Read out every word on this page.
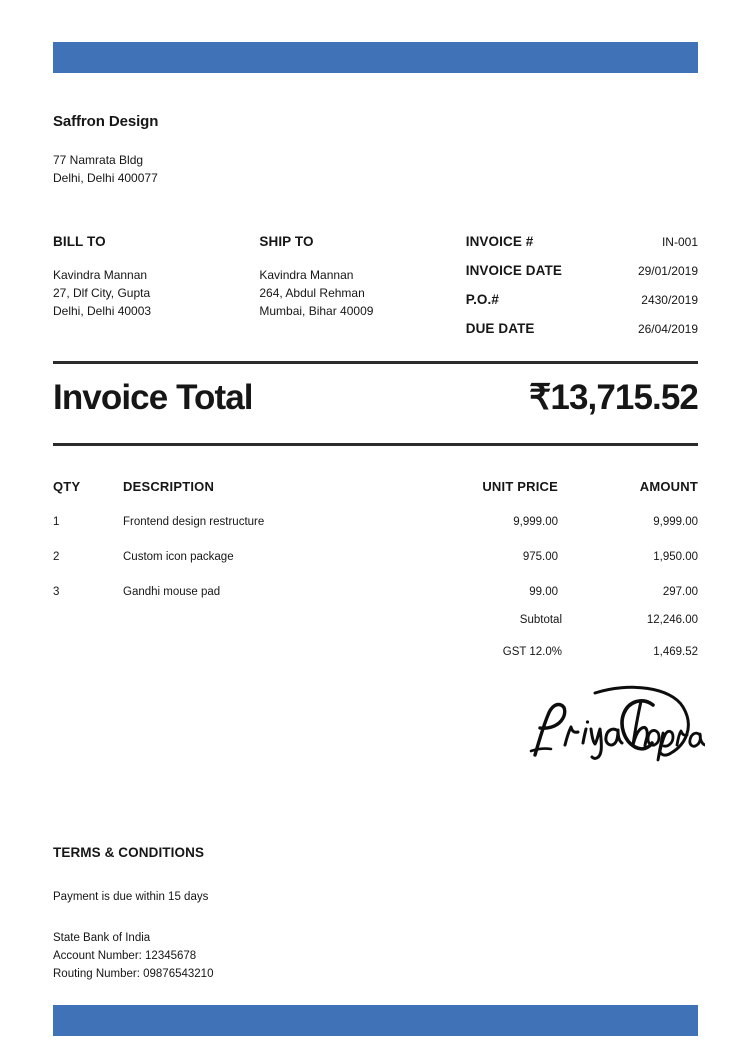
Saffron Design

77 Namrata Bldg

Delhi, Delhi 400077

BILL TO

Kavindra Mannan

27, Dlf City, Gupta

Delhi, Delhi 40003

SHIP TO

Kavindra Mannan

264, Abdul Rehman

Mumbai, Bihar 40009

INVOICE #	IN-001
INVOICE DATE	29/01/2019
P.O.#	2430/2019
DUE DATE	26/04/2019
Invoice Total	₹13,715.52
QTY	DESCRIPTION	UNIT PRICE	AMOUNT
1	Frontend design restructure	9,999.00	9,999.00
2	Custom icon package	975.00	1,950.00
3	Gandhi mouse pad	99.00	297.00
Subtotal	12,246.00
GST 12.0%	1,469.52
TERMS & CONDITIONS

Payment is due within 15 days

State Bank of India

Account Number: 12345678

Routing Number: 09876543210
